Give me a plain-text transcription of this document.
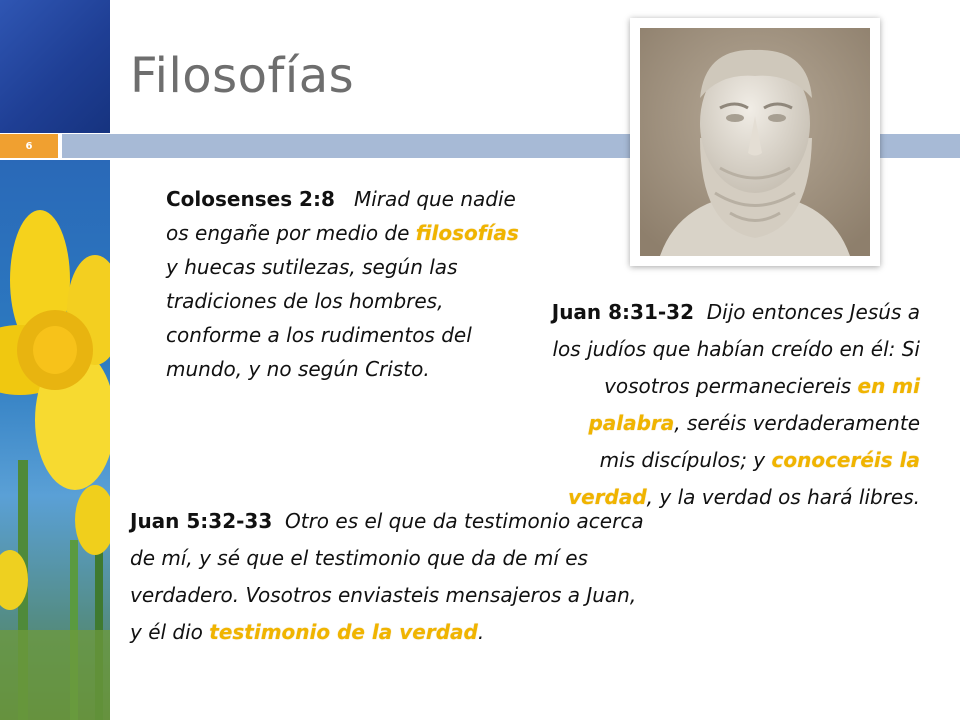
6
Filosofías
Colosenses 2:8 Mirad que nadie os engañe por medio de filosofías y huecas sutilezas, según las tradiciones de los hombres, conforme a los rudimentos del mundo, y no según Cristo.
Juan 8:31-32 Dijo entonces Jesús a los judíos que habían creído en él: Si vosotros permaneciereis en mi palabra, seréis verdaderamente mis discípulos; y conoceréis la verdad, y la verdad os hará libres.
Juan 5:32-33 Otro es el que da testimonio acerca de mí, y sé que el testimonio que da de mí es verdadero. Vosotros enviasteis mensajeros a Juan, y él dio testimonio de la verdad.
